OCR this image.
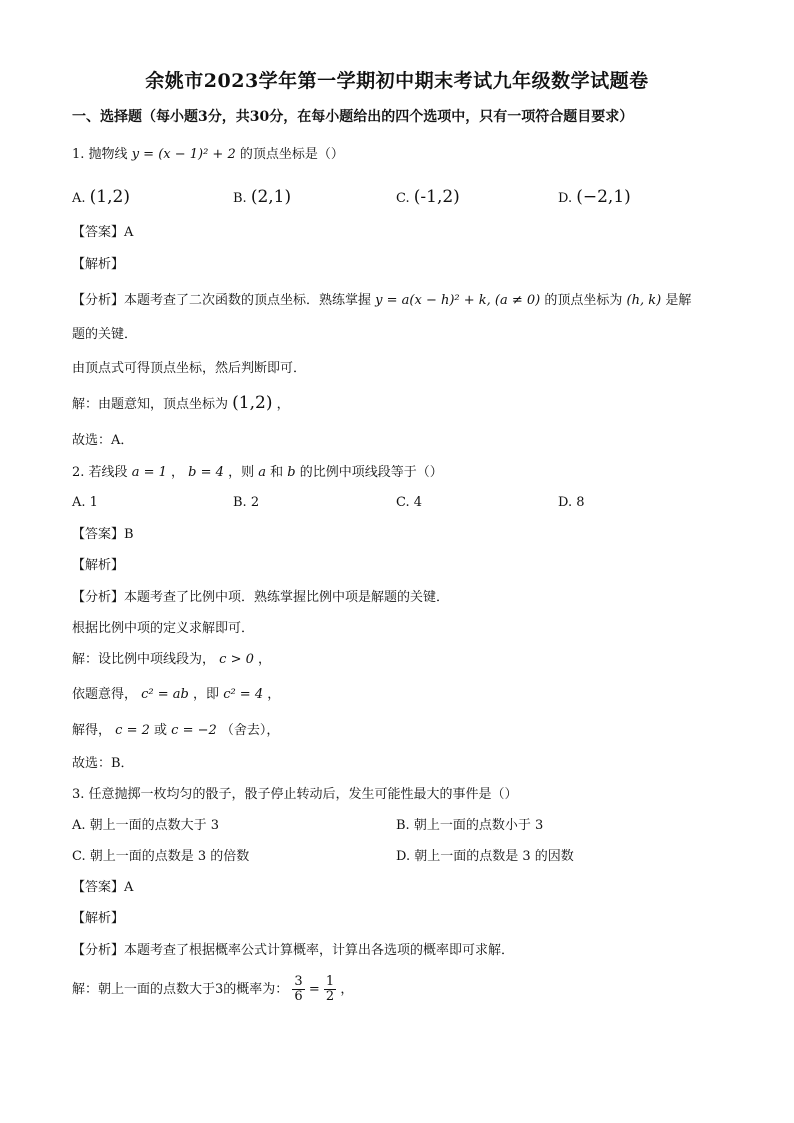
余姚市2023学年第一学期初中期末考试九年级数学试题卷
一、选择题（每小题3分，共30分，在每小题给出的四个选项中，只有一项符合题目要求）
1. 抛物线 y = (x − 1)² + 2 的顶点坐标是（）
A. (1,2)	B. (2,1)	C. (-1,2)	D. (−2,1)
【答案】A
【解析】
【分析】本题考查了二次函数的顶点坐标．熟练掌握 y = a(x − h)² + k, (a ≠ 0) 的顶点坐标为 (h, k) 是解
题的关键．
由顶点式可得顶点坐标，然后判断即可．
解：由题意知，顶点坐标为 (1,2) ，
故选：A．
2. 若线段 a = 1 ， b = 4 ，则 a 和 b 的比例中项线段等于（）
A. 1	B. 2	C. 4	D. 8
【答案】B
【解析】
【分析】本题考查了比例中项．熟练掌握比例中项是解题的关键．
根据比例中项的定义求解即可．
解：设比例中项线段为， c > 0 ，
依题意得， c² = ab ，即 c² = 4 ，
解得， c = 2 或 c = −2 （舍去），
故选：B．
3. 任意抛掷一枚均匀的骰子，骰子停止转动后，发生可能性最大的事件是（）
A. 朝上一面的点数大于 3	B. 朝上一面的点数小于 3
C. 朝上一面的点数是 3 的倍数	D. 朝上一面的点数是 3 的因数
【答案】A
【解析】
【分析】本题考查了根据概率公式计算概率，计算出各选项的概率即可求解．
解：朝上一面的点数大于3的概率为： $\frac{3}{6} = \frac{1}{2}$ ，
